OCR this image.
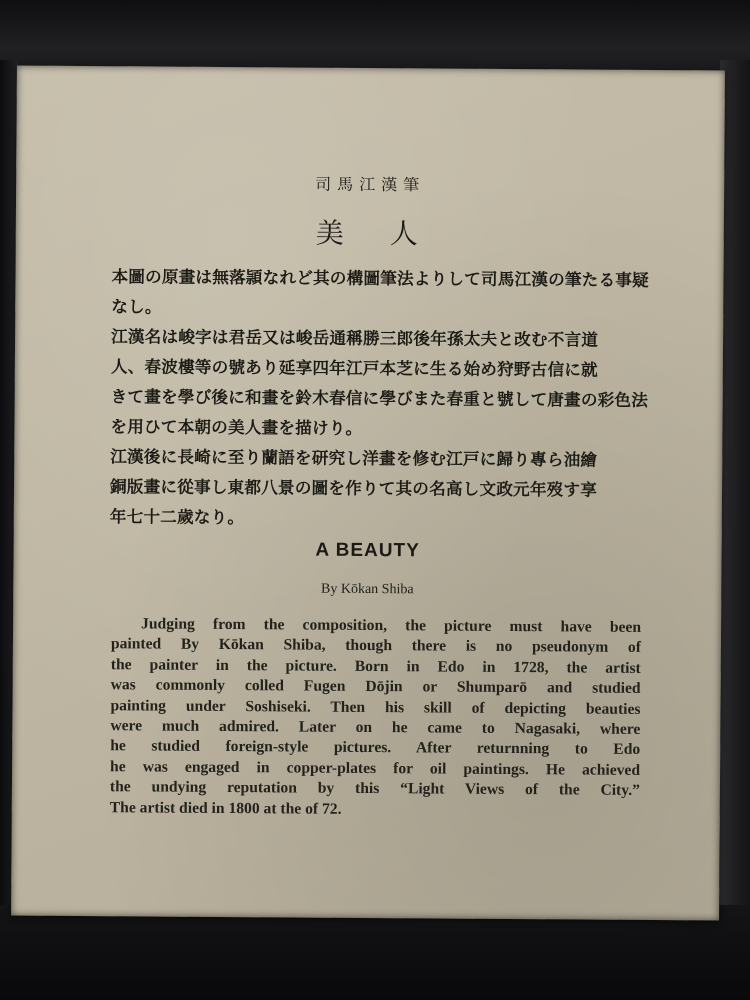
司馬江漢筆
美人
本圖の原畫は無落頴なれど其の構圖筆法よりして司馬江漢の筆たる事疑なし。
江漢名は峻字は君岳又は峻岳通稱勝三郎後年孫太夫と改む不言道
人、春波樓等の號あり延享四年江戸本芝に生る始め狩野古信に就
きて畫を學び後に和畫を鈴木春信に學びまた春重と號して唐畫の彩色法を用ひて本朝の美人畫を描けり。
江漢後に長崎に至り蘭語を研究し洋畫を修む江戸に歸り專ら油繪
銅版畫に從事し東都八景の圖を作りて其の名高し文政元年歿す享
年七十二歲なり。
A BEAUTY
By Kōkan Shiba
Judging from the composition, the picture must have been
painted By Kōkan Shiba, though there is no pseudonym of
the painter in the picture. Born in Edo in 1728, the artist
was commonly colled Fugen Dōjin or Shumparō and studied
painting under Soshiseki. Then his skill of depicting beauties
were much admired. Later on he came to Nagasaki, where
he studied foreign-style pictures. After returnning to Edo
he was engaged in copper-plates for oil paintings. He achieved
the undying reputation by this “Light Views of the City.”
The artist died in 1800 at the of 72.
